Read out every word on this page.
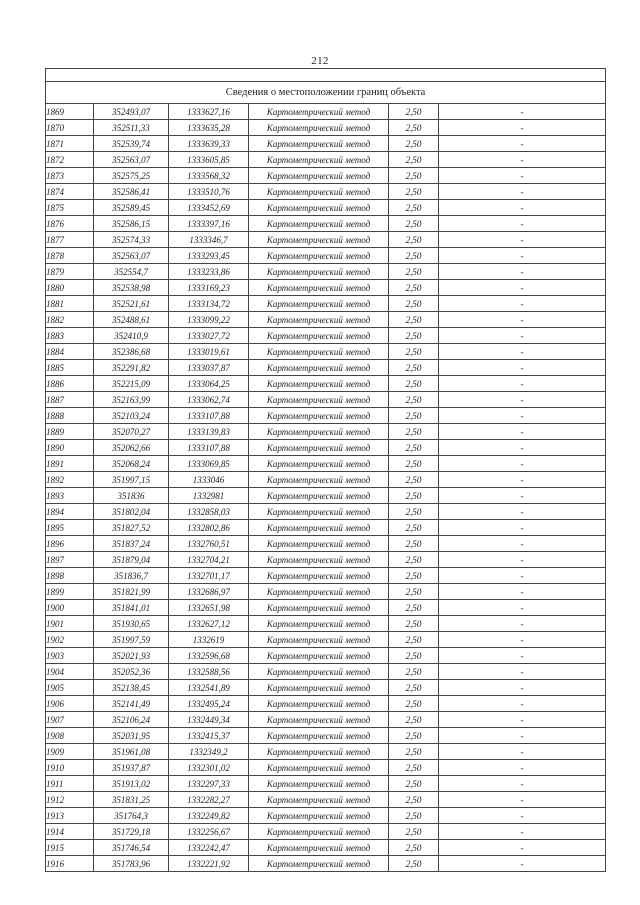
212

Сведения о местоположении границ объекта					
1869	352493,07	1333627,16	Картометрический метод	2,50	-
1870	352511,33	1333635,28	Картометрический метод	2,50	-
1871	352539,74	1333639,33	Картометрический метод	2,50	-
1872	352563,07	1333605,85	Картометрический метод	2,50	-
1873	352575,25	1333568,32	Картометрический метод	2,50	-
1874	352586,41	1333510,76	Картометрический метод	2,50	-
1875	352589,45	1333452,69	Картометрический метод	2,50	-
1876	352586,15	1333397,16	Картометрический метод	2,50	-
1877	352574,33	1333346,7	Картометрический метод	2,50	-
1878	352563,07	1333293,45	Картометрический метод	2,50	-
1879	352554,7	1333233,86	Картометрический метод	2,50	-
1880	352538,98	1333169,23	Картометрический метод	2,50	-
1881	352521,61	1333134,72	Картометрический метод	2,50	-
1882	352488,61	1333099,22	Картометрический метод	2,50	-
1883	352410,9	1333027,72	Картометрический метод	2,50	-
1884	352386,68	1333019,61	Картометрический метод	2,50	-
1885	352291,82	1333037,87	Картометрический метод	2,50	-
1886	352215,09	1333064,25	Картометрический метод	2,50	-
1887	352163,99	1333062,74	Картометрический метод	2,50	-
1888	352103,24	1333107,88	Картометрический метод	2,50	-
1889	352070,27	1333139,83	Картометрический метод	2,50	-
1890	352062,66	1333107,88	Картометрический метод	2,50	-
1891	352068,24	1333069,85	Картометрический метод	2,50	-
1892	351997,15	1333046	Картометрический метод	2,50	-
1893	351836	1332981	Картометрический метод	2,50	-
1894	351802,04	1332858,03	Картометрический метод	2,50	-
1895	351827,52	1332802,86	Картометрический метод	2,50	-
1896	351837,24	1332760,51	Картометрический метод	2,50	-
1897	351879,04	1332704,21	Картометрический метод	2,50	-
1898	351836,7	1332701,17	Картометрический метод	2,50	-
1899	351821,99	1332686,97	Картометрический метод	2,50	-
1900	351841,01	1332651,98	Картометрический метод	2,50	-
1901	351930,65	1332627,12	Картометрический метод	2,50	-
1902	351997,59	1332619	Картометрический метод	2,50	-
1903	352021,93	1332596,68	Картометрический метод	2,50	-
1904	352052,36	1332588,56	Картометрический метод	2,50	-
1905	352138,45	1332541,89	Картометрический метод	2,50	-
1906	352141,49	1332495,24	Картометрический метод	2,50	-
1907	352106,24	1332449,34	Картометрический метод	2,50	-
1908	352031,95	1332415,37	Картометрический метод	2,50	-
1909	351961,08	1332349,2	Картометрический метод	2,50	-
1910	351937,87	1332301,02	Картометрический метод	2,50	-
1911	351913,02	1332297,33	Картометрический метод	2,50	-
1912	351831,25	1332282,27	Картометрический метод	2,50	-
1913	351764,3	1332249,82	Картометрический метод	2,50	-
1914	351729,18	1332256,67	Картометрический метод	2,50	-
1915	351746,54	1332242,47	Картометрический метод	2,50	-
1916	351783,96	1332221,92	Картометрический метод	2,50	-
